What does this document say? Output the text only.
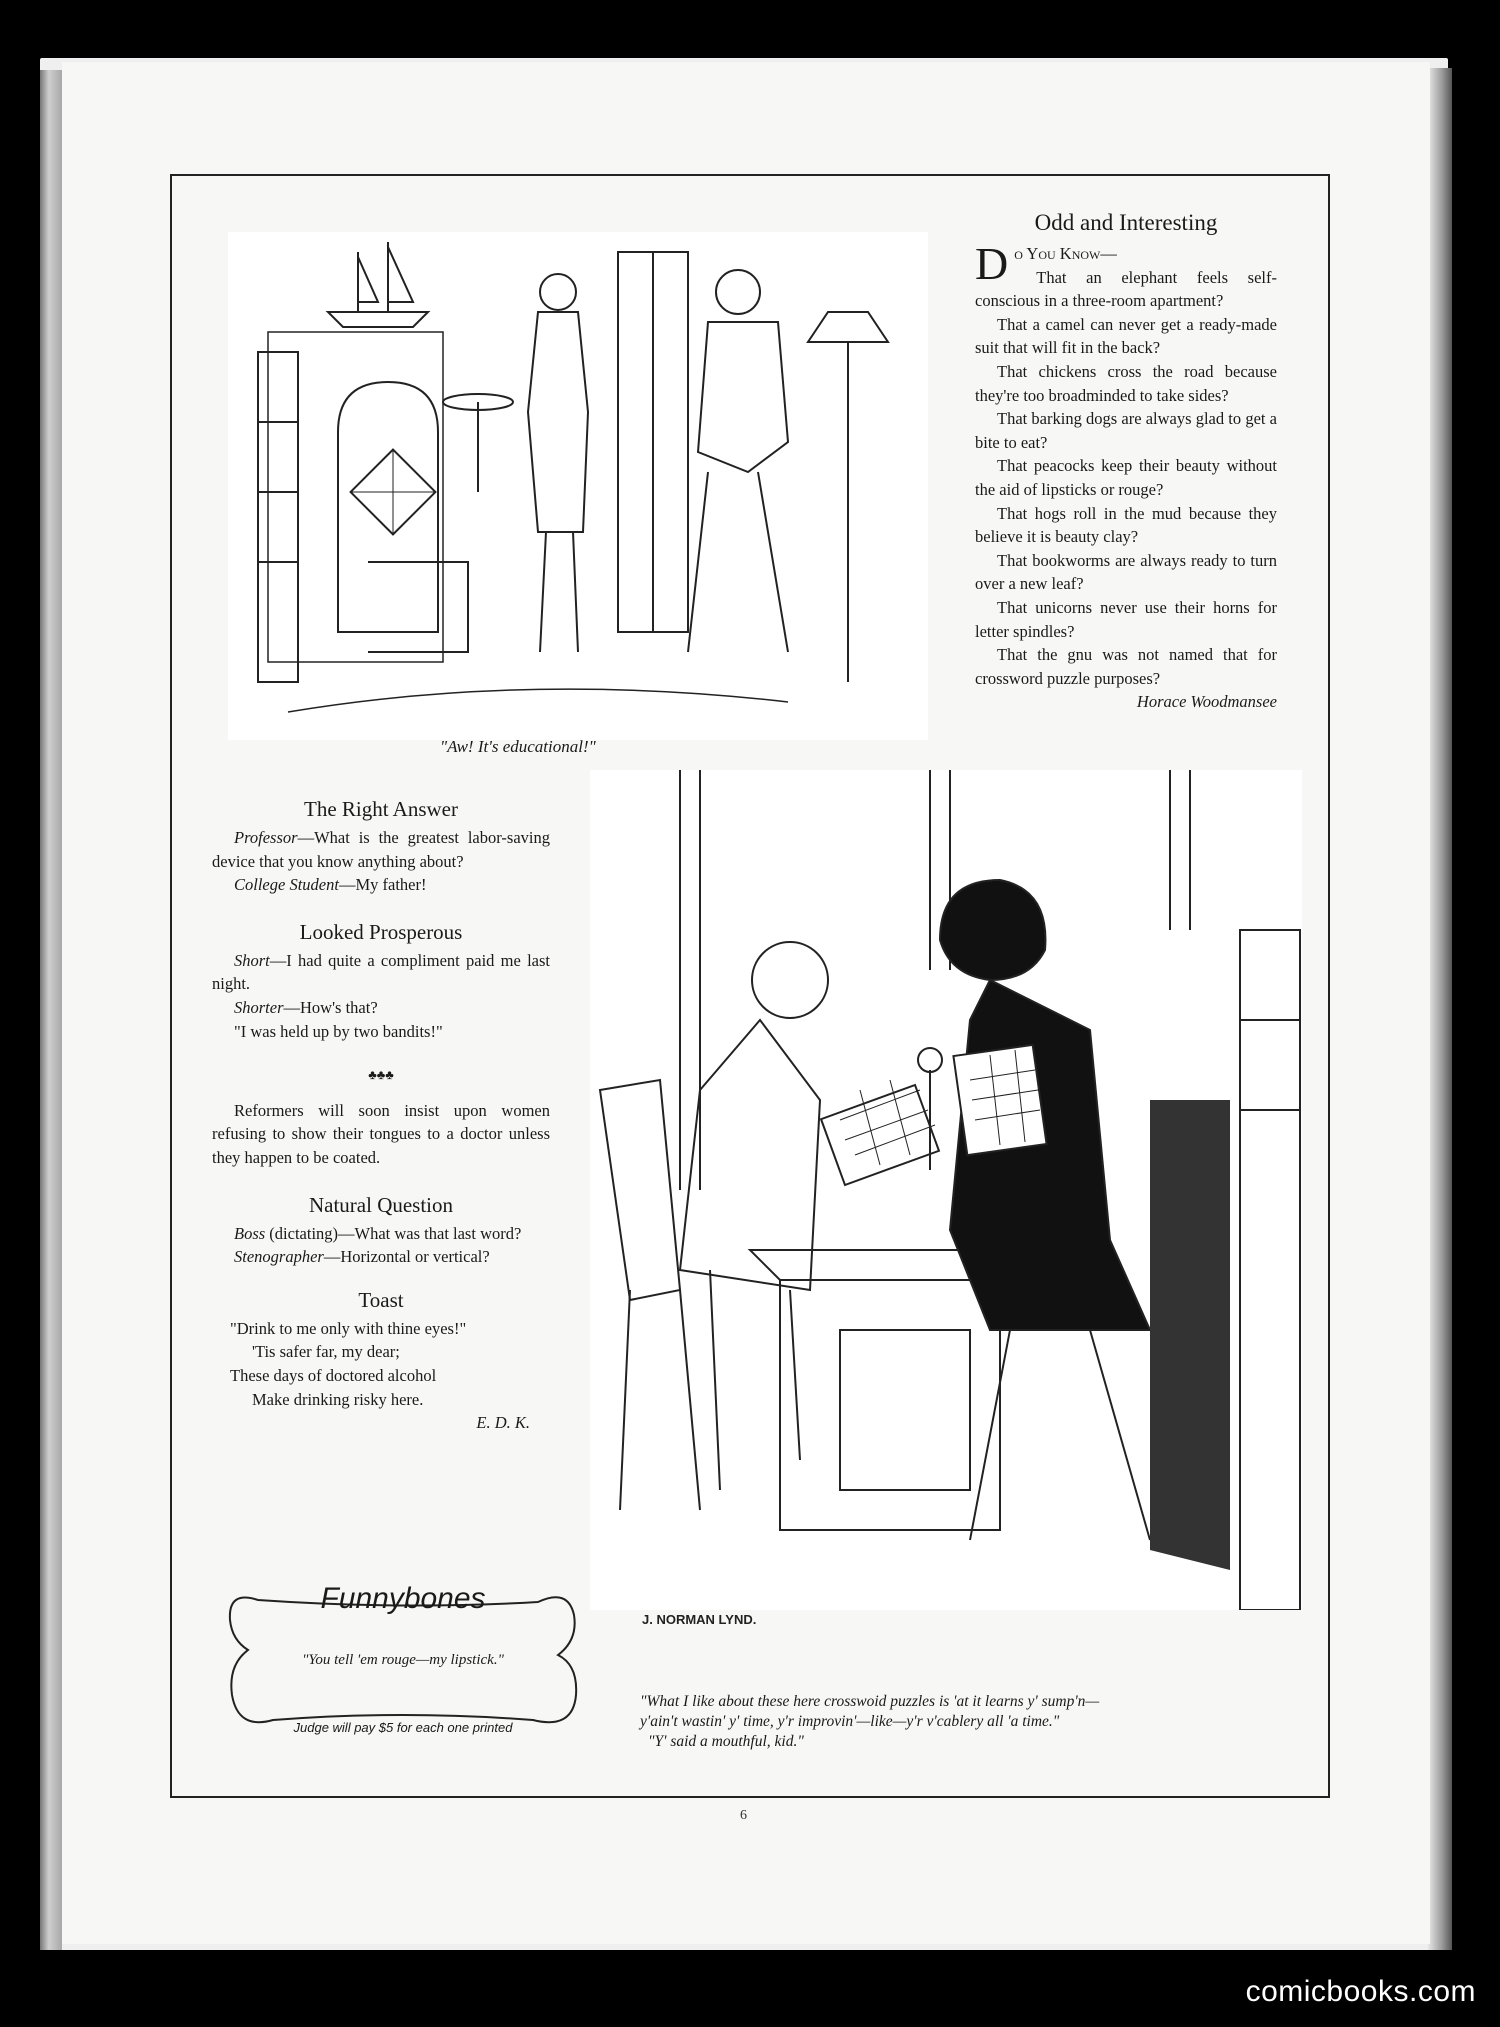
"Aw! It's educational!"
Odd and Interesting

Do You Know—

That an elephant feels self-conscious in a three-room apartment?

That a camel can never get a ready-made suit that will fit in the back?

That chickens cross the road because they're too broadminded to take sides?

That barking dogs are always glad to get a bite to eat?

That peacocks keep their beauty without the aid of lipsticks or rouge?

That hogs roll in the mud because they believe it is beauty clay?

That bookworms are always ready to turn over a new leaf?

That unicorns never use their horns for letter spindles?

That the gnu was not named that for crossword puzzle purposes?

Horace Woodmansee

The Right Answer

Professor—What is the greatest labor-saving device that you know anything about?

College Student—My father!

Looked Prosperous

Short—I had quite a compliment paid me last night.

Shorter—How's that?

"I was held up by two bandits!"

♣♣♣

Reformers will soon insist upon women refusing to show their tongues to a doctor unless they happen to be coated.

Natural Question

Boss (dictating)—What was that last word?

Stenographer—Horizontal or vertical?

Toast

"Drink to me only with thine eyes!"

'Tis safer far, my dear;

These days of doctored alcohol

Make drinking risky here.

E. D. K.

Funnybones
"You tell 'em rouge—my lipstick."
Judge will pay $5 for each one printed
J. NORMAN LYND.
"What I like about these here crosswoid puzzles is 'at it learns y' sump'n—
y'ain't wastin' y' time, y'r improvin'—like—y'r v'cablery all 'a time."
"Y' said a mouthful, kid."
6
comicbooks.com
